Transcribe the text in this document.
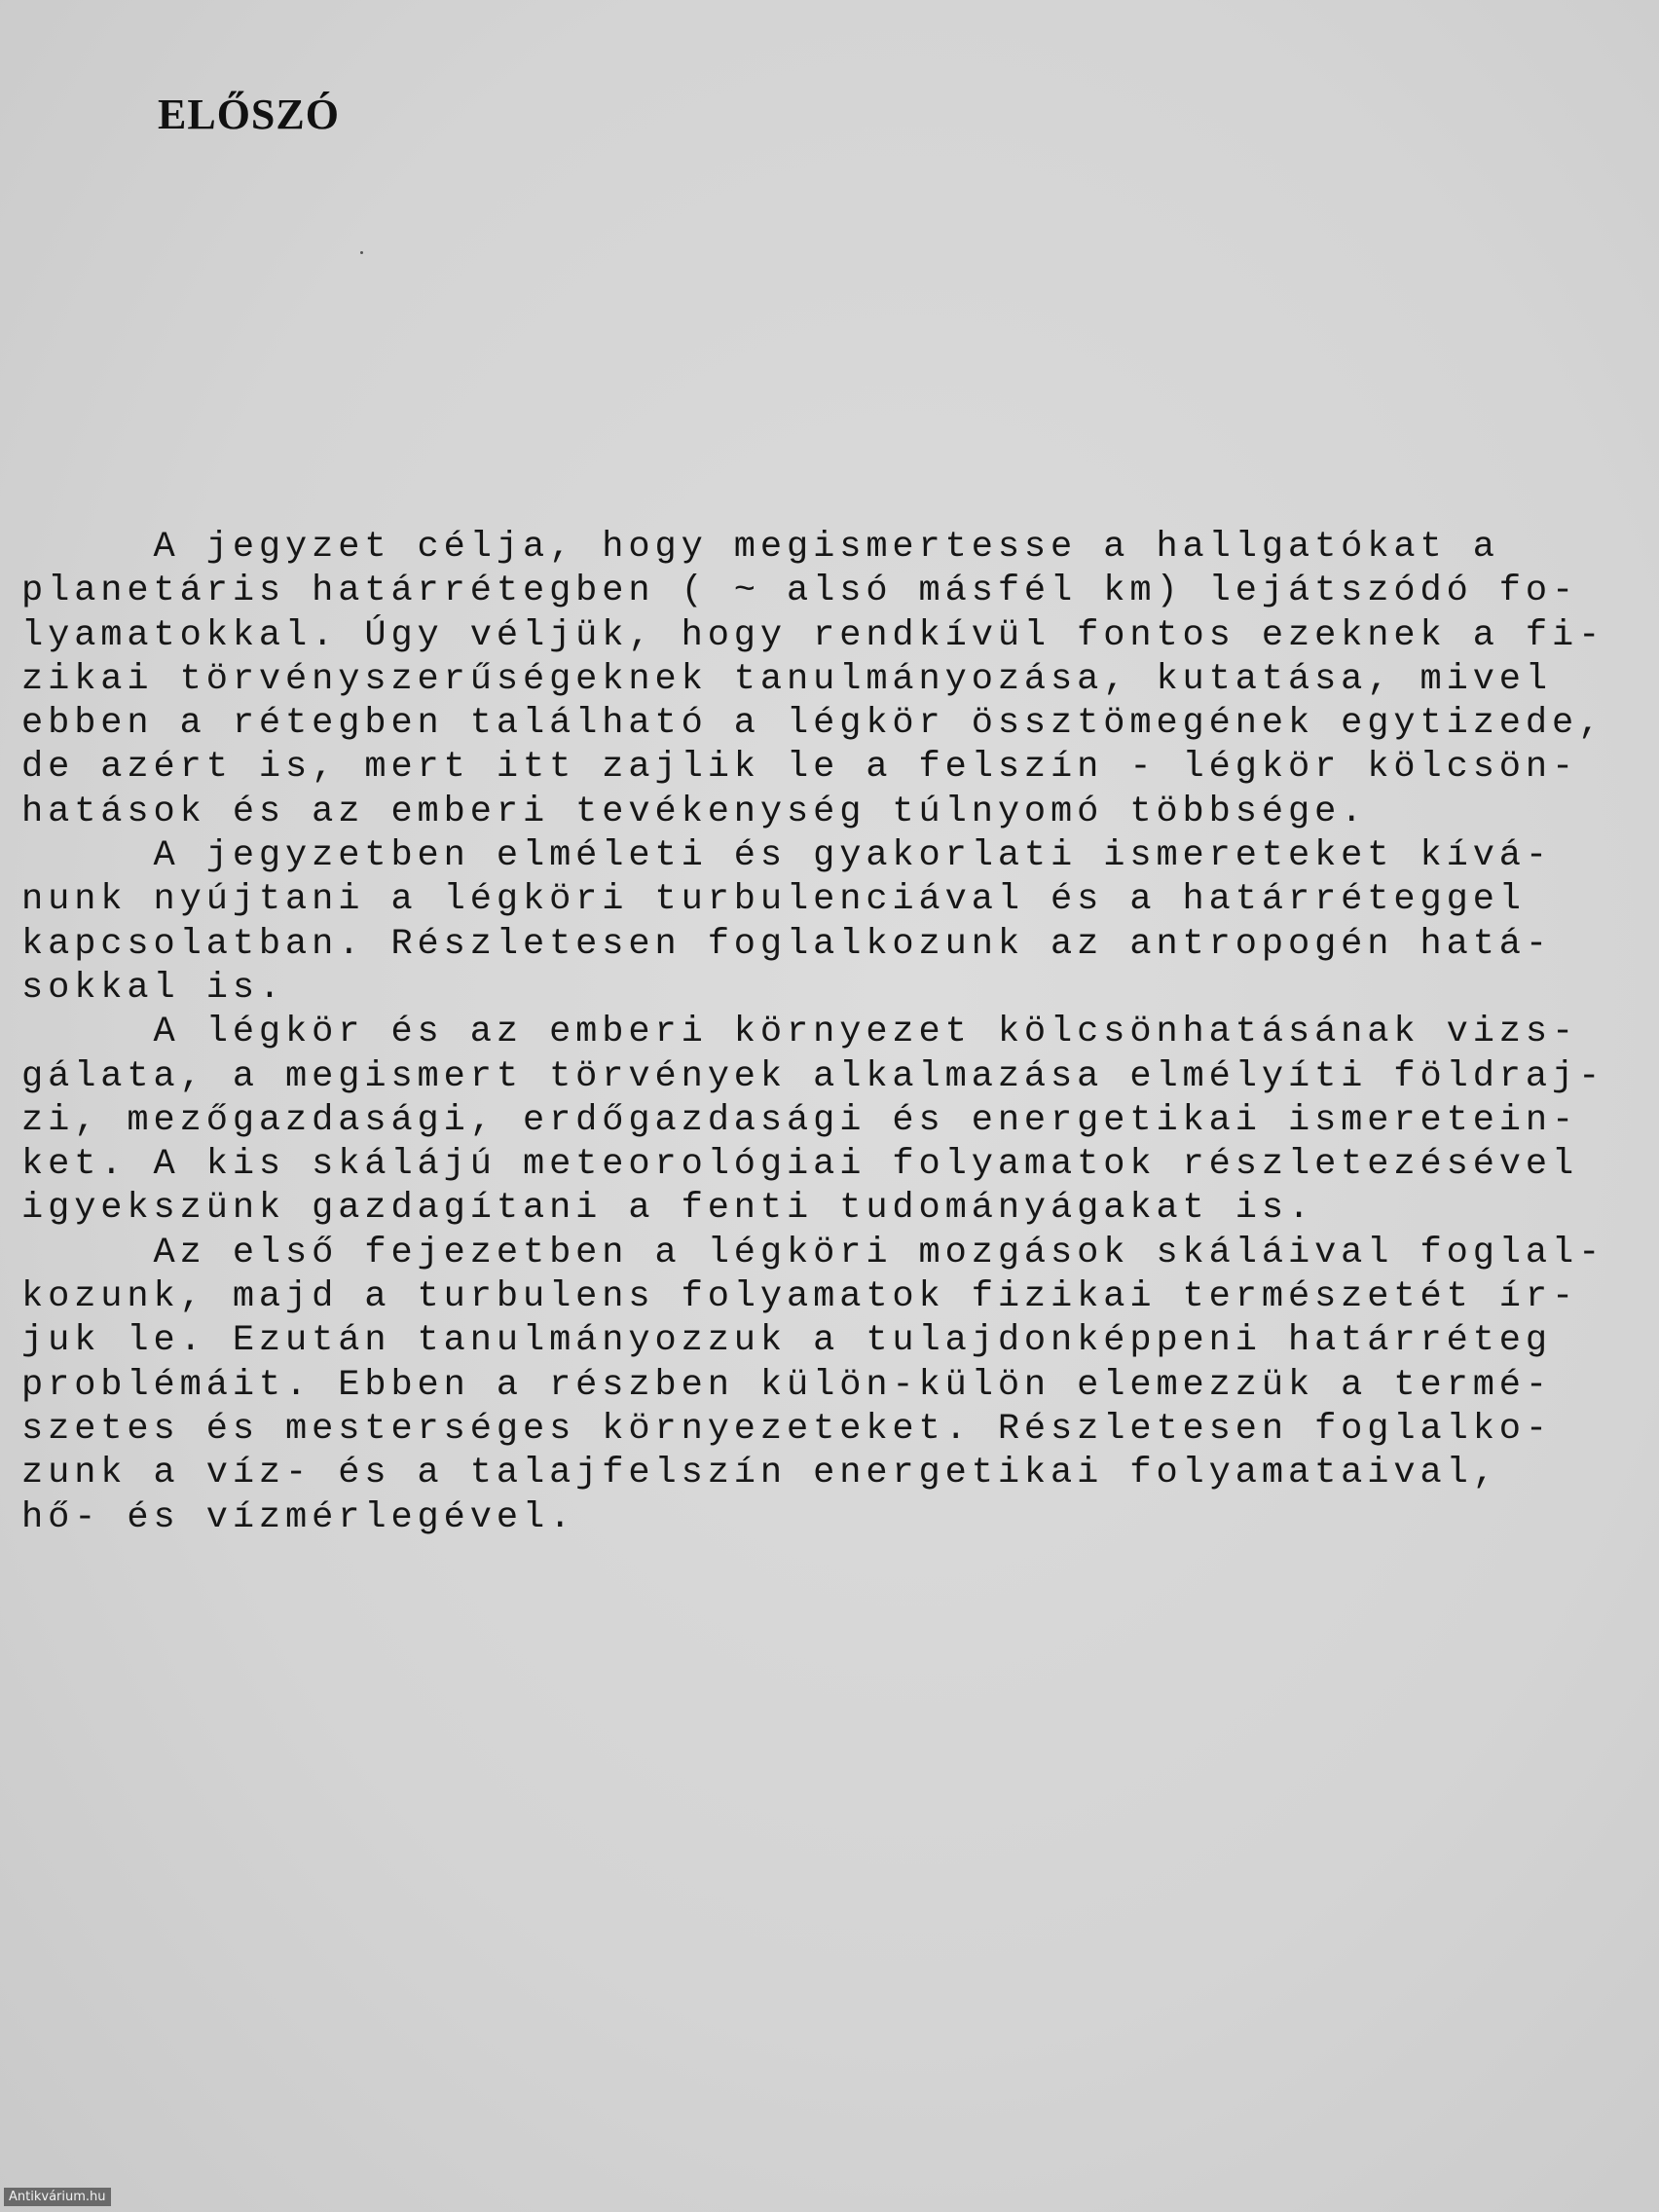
ELŐSZÓ
A jegyzet célja, hogy megismertesse a hallgatókat a
planetáris határrétegben ( ~ alsó másfél km) lejátszódó fo-
lyamatokkal. Úgy véljük, hogy rendkívül fontos ezeknek a fi-
zikai törvényszerűségeknek tanulmányozása, kutatása, mivel
ebben a rétegben található a légkör össztömegének egytizede,
de azért is, mert itt zajlik le a felszín - légkör kölcsön-
hatások és az emberi tevékenység túlnyomó többsége.
A jegyzetben elméleti és gyakorlati ismereteket kívá-
nunk nyújtani a légköri turbulenciával és a határréteggel
kapcsolatban. Részletesen foglalkozunk az antropogén hatá-
sokkal is.
A légkör és az emberi környezet kölcsönhatásának vizs-
gálata, a megismert törvények alkalmazása elmélyíti földraj-
zi, mezőgazdasági, erdőgazdasági és energetikai ismeretein-
ket. A kis skálájú meteorológiai folyamatok részletezésével
igyekszünk gazdagítani a fenti tudományágakat is.
Az első fejezetben a légköri mozgások skáláival foglal-
kozunk, majd a turbulens folyamatok fizikai természetét ír-
juk le. Ezután tanulmányozzuk a tulajdonképpeni határréteg
problémáit. Ebben a részben külön-külön elemezzük a termé-
szetes és mesterséges környezeteket. Részletesen foglalko-
zunk a víz- és a talajfelszín energetikai folyamataival,
hő- és vízmérlegével.
Antikvárium.hu
